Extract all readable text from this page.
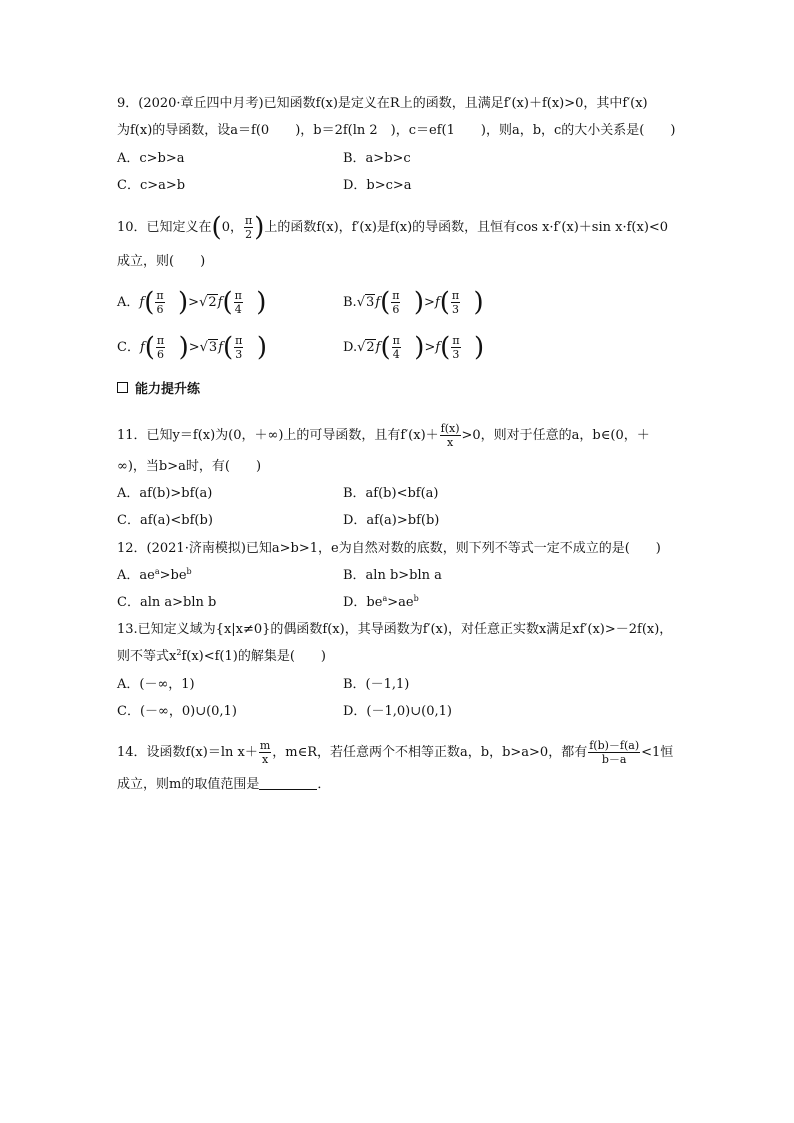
9．(2020·章丘四中月考)已知函数f(x)是定义在R上的函数，且满足f′(x)＋f(x)>0，其中f′(x)
为f(x)的导函数，设a＝f(0　　)，b＝2f(ln 2　)，c＝ef(1　　)，则a，b，c的大小关系是(　　)
A．c>b>a	B．a>b>c
C．c>a>b	D．b>c>a
10．已知定义在(0， $\frac{\pi}{2}$ )上的函数f(x)，f′(x)是f(x)的导函数，且恒有cos x·f′(x)＋sin x·f(x)<0
成立，则(　　)
A．$f( \frac{\pi}{6} )>√2f( \frac{\pi}{4}$ )	$B.√3f( \frac{\pi}{6} )>f( \frac{\pi}{3}$ )
C．$f( \frac{\pi}{6} )>√3f( \frac{\pi}{3}$ )	$D.√2f( \frac{\pi}{4} )>f( \frac{\pi}{3}$ )
能力提升练
11．已知y＝f(x)为(0，＋∞)上的可导函数，且有$f'(x)+ \frac{f(x)}{x} >0$，则对于任意的a，b∈(0，＋
∞)，当b>a时，有(　　)
A．af(b)>bf(a)	B．af(b)<bf(a)
C．af(a)<bf(b)	D．af(a)>bf(b)
12．(2021·济南模拟)已知a>b>1，e为自然对数的底数，则下列不等式一定不成立的是(　　)
A．$ae^a>be^b$	B．aln b>bln a
C．aln a>bln b	D．$be^a>ae^b$
13.已知定义域为{x|x≠0}的偶函数f(x)，其导函数为f′(x)，对任意正实数x满足xf′(x)>－2f(x)，
则不等式$x^2f(x)<f(1)$的解集是(　　)
A．(－∞，1)	B．(－1,1)
C．(－∞，0)∪(0,1)	D．(－1,0)∪(0,1)
14．设函数f(x)＝ln $x+ \frac{m}{x}$ ，m∈R，若任意两个不相等正数a，b，b>a>0，都有 $\frac{f(b)-f(a)}{b-a} <1$恒
成立，则m的取值范围是	．
